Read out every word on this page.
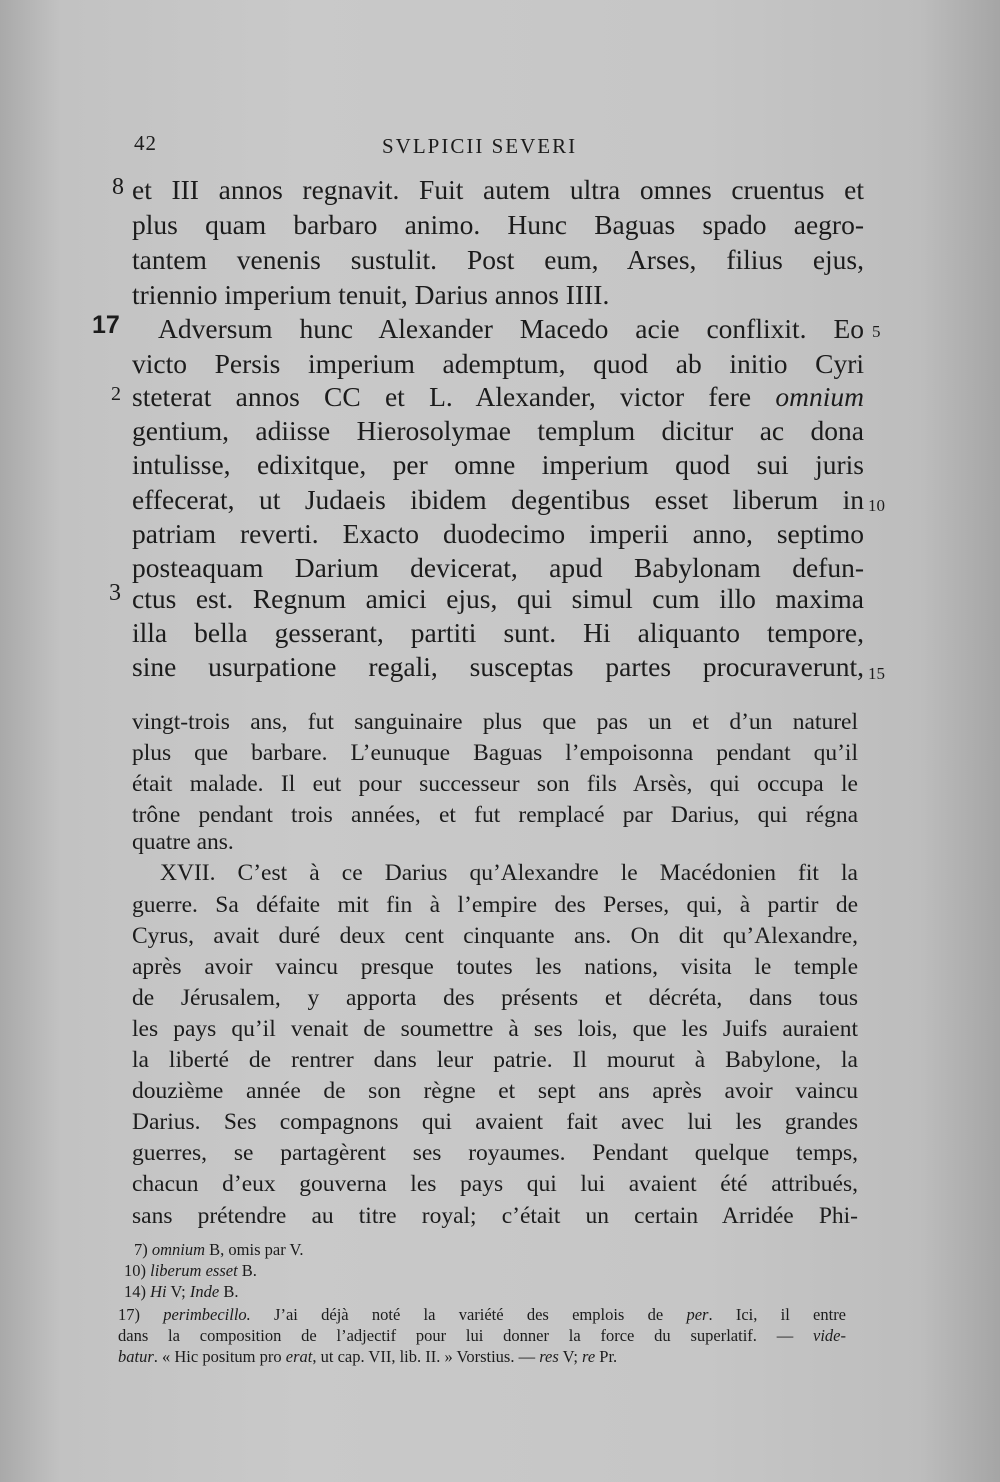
42	SVLPICII SEVERI
8 et III annos regnavit. Fuit autem ultra omnes cruentus et
plus quam barbaro animo. Hunc Baguas spado aegro-
tantem venenis sustulit. Post eum, Arses, filius ejus,
triennio imperium tenuit, Darius annos IIII.
17 Adversum hunc Alexander Macedo acie conflixit. Eo 5
victo Persis imperium ademptum, quod ab initio Cyri
2 steterat annos CC et L. Alexander, victor fere omnium
gentium, adiisse Hierosolymae templum dicitur ac dona
intulisse, edixitque, per omne imperium quod sui juris
effecerat, ut Judaeis ibidem degentibus esset liberum in 10
patriam reverti. Exacto duodecimo imperii anno, septimo
posteaquam Darium devicerat, apud Babylonam defun-
3 ctus est. Regnum amici ejus, qui simul cum illo maxima
illa bella gesserant, partiti sunt. Hi aliquanto tempore,
sine usurpatione regali, susceptas partes procuraverunt, 15
vingt-trois ans, fut sanguinaire plus que pas un et d’un naturel
plus que barbare. L’eunuque Baguas l’empoisonna pendant qu’il
était malade. Il eut pour successeur son fils Arsès, qui occupa le
trône pendant trois années, et fut remplacé par Darius, qui régna
quatre ans.
XVII. C’est à ce Darius qu’Alexandre le Macédonien fit la
guerre. Sa défaite mit fin à l’empire des Perses, qui, à partir de
Cyrus, avait duré deux cent cinquante ans. On dit qu’Alexandre,
après avoir vaincu presque toutes les nations, visita le temple
de Jérusalem, y apporta des présents et décréta, dans tous
les pays qu’il venait de soumettre à ses lois, que les Juifs auraient
la liberté de rentrer dans leur patrie. Il mourut à Babylone, la
douzième année de son règne et sept ans après avoir vaincu
Darius. Ses compagnons qui avaient fait avec lui les grandes
guerres, se partagèrent ses royaumes. Pendant quelque temps,
chacun d’eux gouverna les pays qui lui avaient été attribués,
sans prétendre au titre royal; c’était un certain Arridée Phi-
7) omnium B, omis par V.
10) liberum esset B.
14) Hi V; Inde B.
17) perimbecillo. J’ai déjà noté la variété des emplois de per. Ici, il entre
dans la composition de l’adjectif pour lui donner la force du superlatif. — vide-
batur. « Hic positum pro erat, ut cap. VII, lib. II. » Vorstius. — res V; re Pr.
